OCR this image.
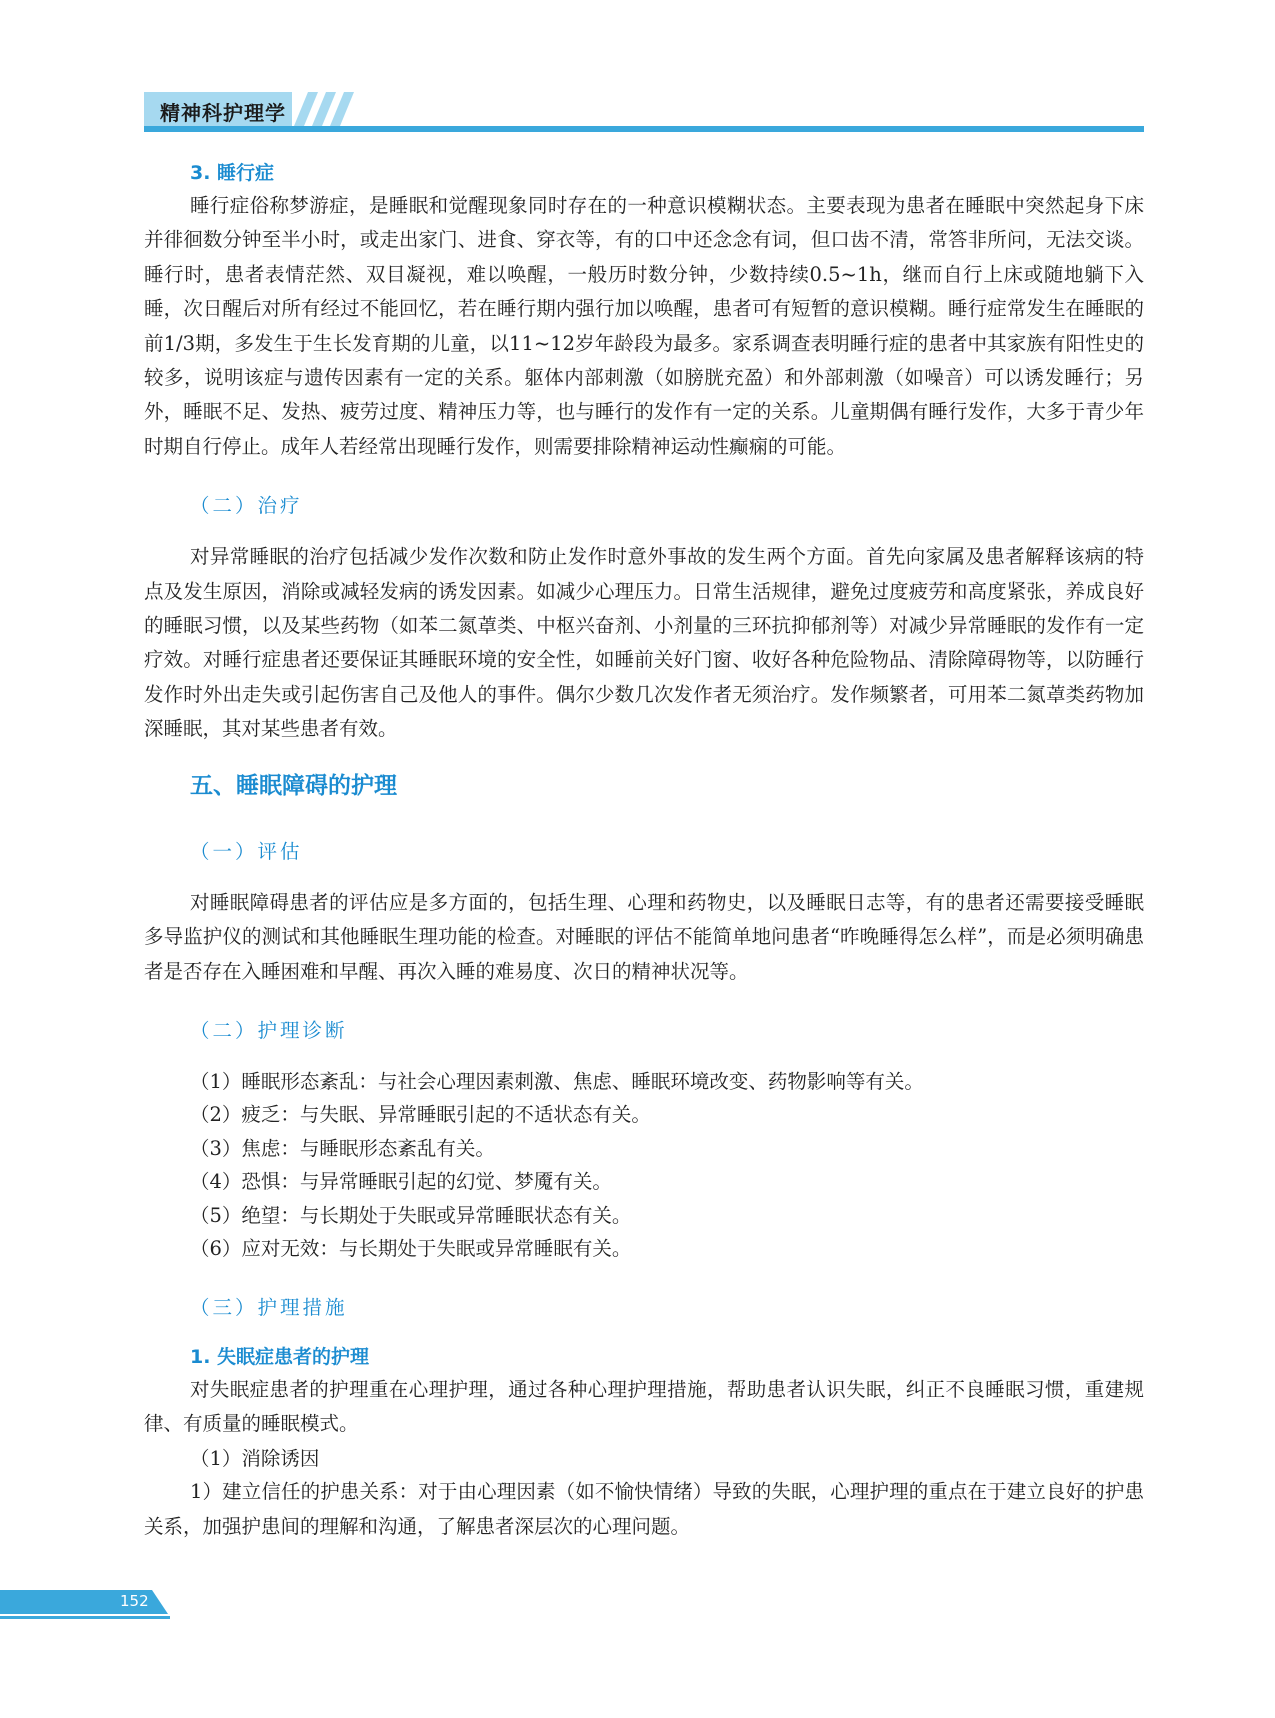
精神科护理学
3. 睡行症

睡行症俗称梦游症，是睡眠和觉醒现象同时存在的一种意识模糊状态。主要表现为患者在睡眠中突然起身下床并徘徊数分钟至半小时，或走出家门、进食、穿衣等，有的口中还念念有词，但口齿不清，常答非所问，无法交谈。睡行时，患者表情茫然、双目凝视，难以唤醒，一般历时数分钟，少数持续0.5~1h，继而自行上床或随地躺下入睡，次日醒后对所有经过不能回忆，若在睡行期内强行加以唤醒，患者可有短暂的意识模糊。睡行症常发生在睡眠的前1/3期，多发生于生长发育期的儿童，以11~12岁年龄段为最多。家系调查表明睡行症的患者中其家族有阳性史的较多，说明该症与遗传因素有一定的关系。躯体内部刺激（如膀胱充盈）和外部刺激（如噪音）可以诱发睡行；另外，睡眠不足、发热、疲劳过度、精神压力等，也与睡行的发作有一定的关系。儿童期偶有睡行发作，大多于青少年时期自行停止。成年人若经常出现睡行发作，则需要排除精神运动性癫痫的可能。

（二）治疗

对异常睡眠的治疗包括减少发作次数和防止发作时意外事故的发生两个方面。首先向家属及患者解释该病的特点及发生原因，消除或减轻发病的诱发因素。如减少心理压力。日常生活规律，避免过度疲劳和高度紧张，养成良好的睡眠习惯，以及某些药物（如苯二氮䓬类、中枢兴奋剂、小剂量的三环抗抑郁剂等）对减少异常睡眠的发作有一定疗效。对睡行症患者还要保证其睡眠环境的安全性，如睡前关好门窗、收好各种危险物品、清除障碍物等，以防睡行发作时外出走失或引起伤害自己及他人的事件。偶尔少数几次发作者无须治疗。发作频繁者，可用苯二氮䓬类药物加深睡眠，其对某些患者有效。

五、睡眠障碍的护理
（一）评估

对睡眠障碍患者的评估应是多方面的，包括生理、心理和药物史，以及睡眠日志等，有的患者还需要接受睡眠多导监护仪的测试和其他睡眠生理功能的检查。对睡眠的评估不能简单地问患者“昨晚睡得怎么样”，而是必须明确患者是否存在入睡困难和早醒、再次入睡的难易度、次日的精神状况等。

（二）护理诊断
（1）睡眠形态紊乱：与社会心理因素刺激、焦虑、睡眠环境改变、药物影响等有关。
（2）疲乏：与失眠、异常睡眠引起的不适状态有关。
（3）焦虑：与睡眠形态紊乱有关。
（4）恐惧：与异常睡眠引起的幻觉、梦魇有关。
（5）绝望：与长期处于失眠或异常睡眠状态有关。
（6）应对无效：与长期处于失眠或异常睡眠有关。
（三）护理措施
1. 失眠症患者的护理

对失眠症患者的护理重在心理护理，通过各种心理护理措施，帮助患者认识失眠，纠正不良睡眠习惯，重建规律、有质量的睡眠模式。

（1）消除诱因

1）建立信任的护患关系：对于由心理因素（如不愉快情绪）导致的失眠，心理护理的重点在于建立良好的护患关系，加强护患间的理解和沟通，了解患者深层次的心理问题。

152
